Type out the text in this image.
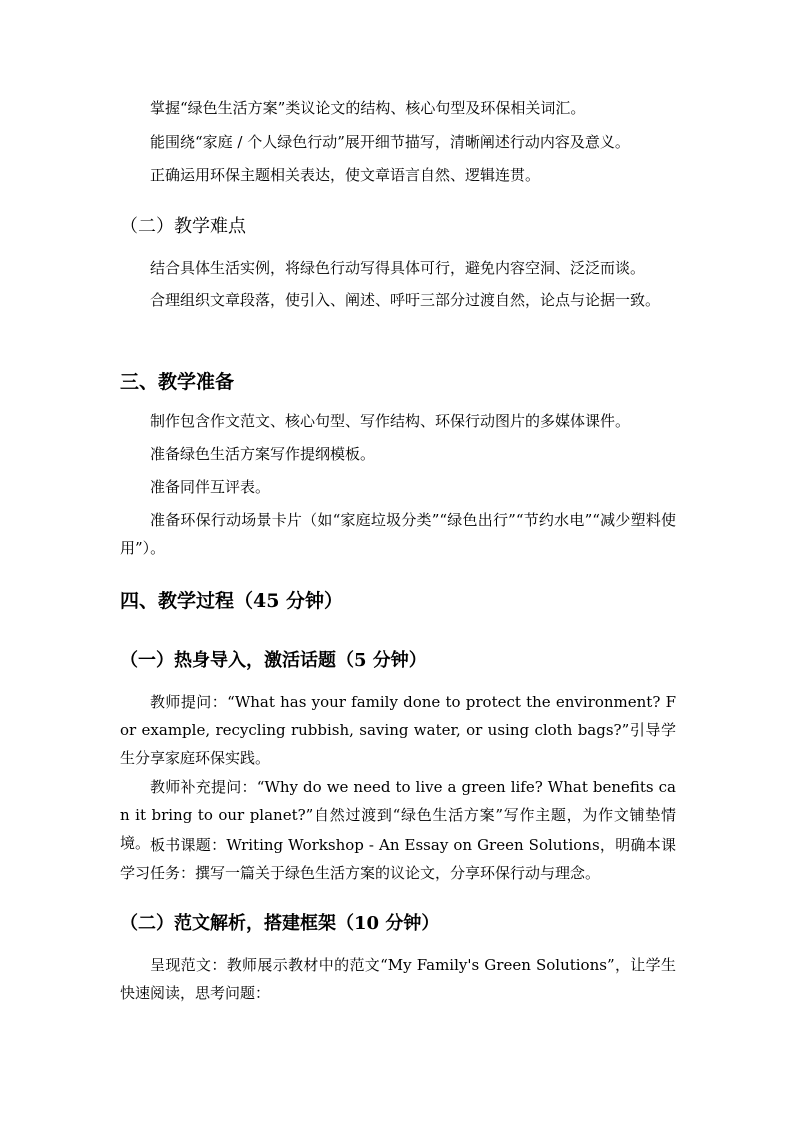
掌握“绿色生活方案”类议论文的结构、核心句型及环保相关词汇。

能围绕“家庭 / 个人绿色行动”展开细节描写，清晰阐述行动内容及意义。

正确运用环保主题相关表达，使文章语言自然、逻辑连贯。

（二）教学难点

结合具体生活实例，将绿色行动写得具体可行，避免内容空洞、泛泛而谈。

合理组织文章段落，使引入、阐述、呼吁三部分过渡自然，论点与论据一致。

三、教学准备

制作包含作文范文、核心句型、写作结构、环保行动图片的多媒体课件。

准备绿色生活方案写作提纲模板。

准备同伴互评表。

准备环保行动场景卡片（如“家庭垃圾分类”“绿色出行”“节约水电”“减少塑料使用”）。

四、教学过程（45 分钟）
（一）热身导入，激活话题（5 分钟）

教师提问：“What has your family done to protect the environment? For example, recycling rubbish, saving water, or using cloth bags?”引导学生分享家庭环保实践。

教师补充提问：“Why do we need to live a green life? What benefits can it bring to our planet?”自然过渡到“绿色生活方案”写作主题，为作文铺垫情境。 板书课题：Writing Workshop - An Essay on Green Solutions，明确本课学习任务：撰写一篇关于绿色生活方案的议论文，分享环保行动与理念。

（二）范文解析，搭建框架（10 分钟）

呈现范文：教师展示教材中的范文“My Family's Green Solutions”，让学生快速阅读，思考问题：
